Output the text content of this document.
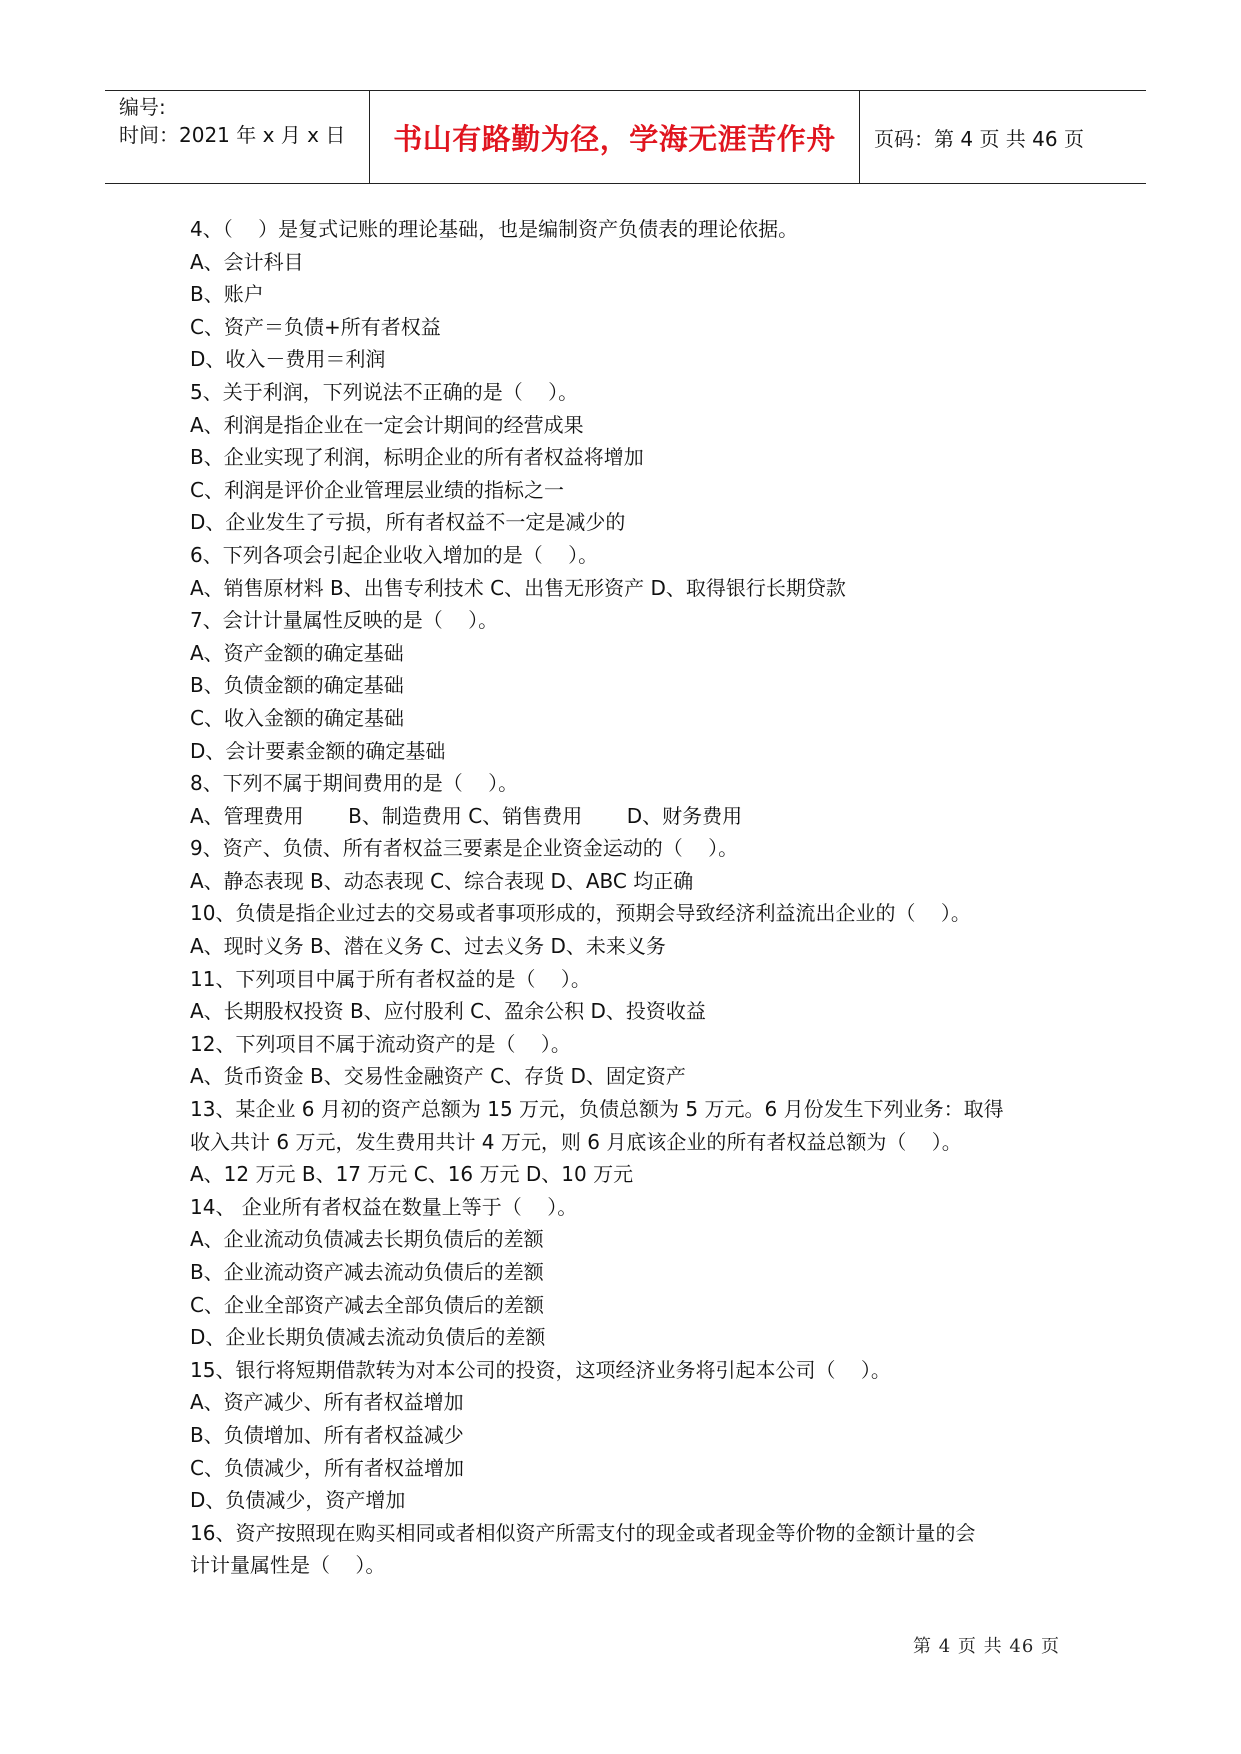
编号:
时间：2021 年 x 月 x 日	书山有路勤为径，学海无涯苦作舟	页码：第 4 页 共 46 页

4、（    ）是复式记账的理论基础，也是编制资产负债表的理论依据。

A、会计科目

B、账户

C、资产＝负债+所有者权益

D、收入－费用＝利润

5、关于利润，下列说法不正确的是（    ）。

A、利润是指企业在一定会计期间的经营成果

B、企业实现了利润，标明企业的所有者权益将增加

C、利润是评价企业管理层业绩的指标之一

D、企业发生了亏损，所有者权益不一定是减少的

6、下列各项会引起企业收入增加的是（    ）。

A、销售原材料 B、出售专利技术 C、出售无形资产 D、取得银行长期贷款

7、会计计量属性反映的是（    ）。

A、资产金额的确定基础

B、负债金额的确定基础

C、收入金额的确定基础

D、会计要素金额的确定基础

8、下列不属于期间费用的是（    ）。

A、管理费用       B、制造费用 C、销售费用       D、财务费用

9、资产、负债、所有者权益三要素是企业资金运动的（    ）。

A、静态表现 B、动态表现 C、综合表现 D、ABC 均正确

10、负债是指企业过去的交易或者事项形成的，预期会导致经济利益流出企业的（    ）。

A、现时义务 B、潜在义务 C、过去义务 D、未来义务

11、下列项目中属于所有者权益的是（    ）。

A、长期股权投资 B、应付股利 C、盈余公积 D、投资收益

12、下列项目不属于流动资产的是（    ）。

A、货币资金 B、交易性金融资产 C、存货 D、固定资产

13、某企业 6 月初的资产总额为 15 万元，负债总额为 5 万元。6 月份发生下列业务：取得

收入共计 6 万元，发生费用共计 4 万元，则 6 月底该企业的所有者权益总额为（    ）。

A、12 万元 B、17 万元 C、16 万元 D、10 万元

14、 企业所有者权益在数量上等于（    ）。

A、企业流动负债减去长期负债后的差额

B、企业流动资产减去流动负债后的差额

C、企业全部资产减去全部负债后的差额

D、企业长期负债减去流动负债后的差额

15、银行将短期借款转为对本公司的投资，这项经济业务将引起本公司（    ）。

A、资产减少、所有者权益增加

B、负债增加、所有者权益减少

C、负债减少，所有者权益增加

D、负债减少，资产增加

16、资产按照现在购买相同或者相似资产所需支付的现金或者现金等价物的金额计量的会

计计量属性是（    ）。

第 4 页 共 46 页
